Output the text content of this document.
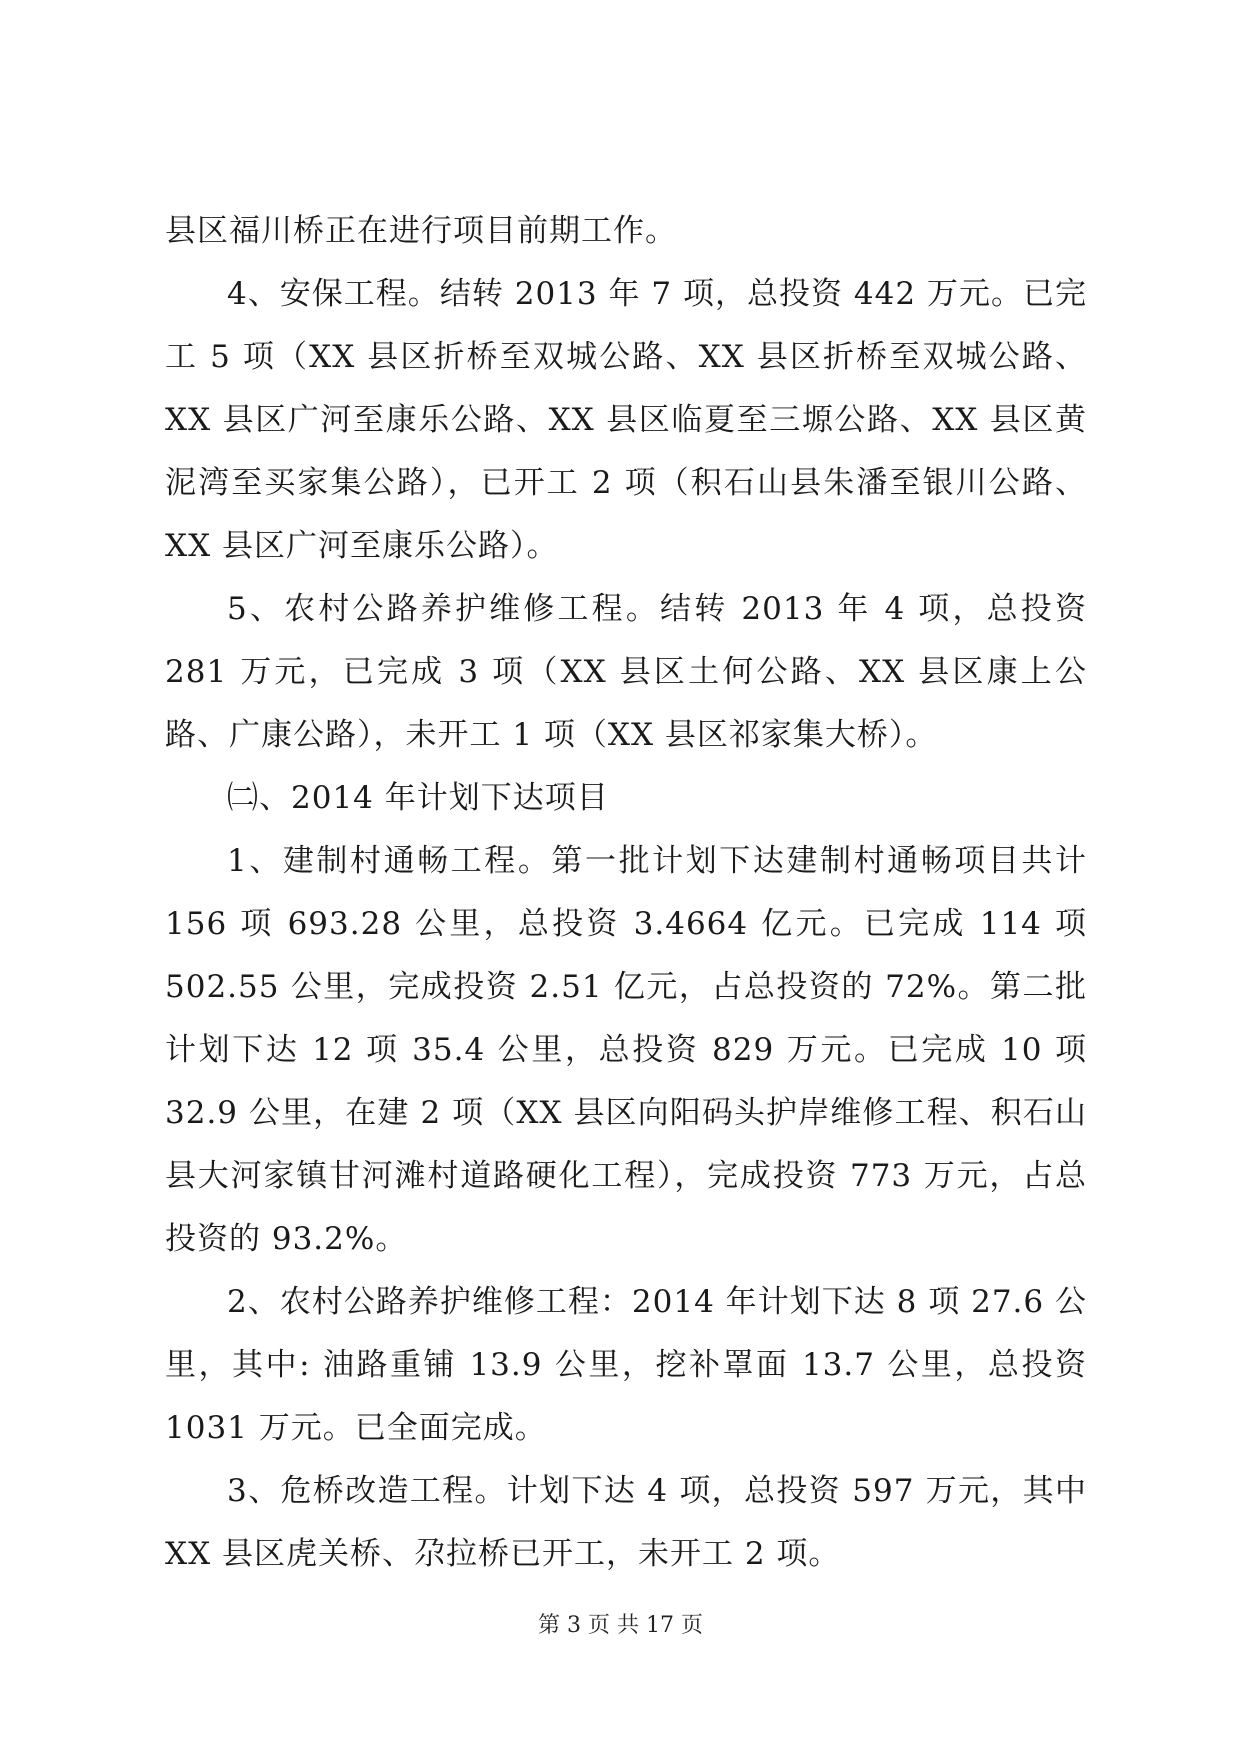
县区福川桥正在进行项目前期工作。

4、安保工程。结转 2013 年 7 项，总投资 442 万元。已完工 5 项（XX 县区折桥至双城公路、XX 县区折桥至双城公路、XX 县区广河至康乐公路、XX 县区临夏至三塬公路、XX 县区黄泥湾至买家集公路），已开工 2 项（积石山县朱潘至银川公路、XX 县区广河至康乐公路）。

5、农村公路养护维修工程。结转 2013 年 4 项，总投资 281 万元，已完成 3 项（XX 县区土何公路、XX 县区康上公路、广康公路），未开工 1 项（XX 县区祁家集大桥）。

㈡、2014 年计划下达项目

1、建制村通畅工程。第一批计划下达建制村通畅项目共计 156 项 693.28 公里，总投资 3.4664 亿元。已完成 114 项 502.55 公里，完成投资 2.51 亿元，占总投资的 72%。第二批计划下达 12 项 35.4 公里，总投资 829 万元。已完成 10 项 32.9 公里，在建 2 项（XX 县区向阳码头护岸维修工程、积石山县大河家镇甘河滩村道路硬化工程），完成投资 773 万元，占总投资的 93.2%。

2、农村公路养护维修工程：2014 年计划下达 8 项 27.6 公里，其中: 油路重铺 13.9 公里，挖补罩面 13.7 公里，总投资 1031 万元。已全面完成。

3、危桥改造工程。计划下达 4 项，总投资 597 万元，其中 XX 县区虎关桥、尕拉桥已开工，未开工 2 项。

第 3 页 共 17 页
